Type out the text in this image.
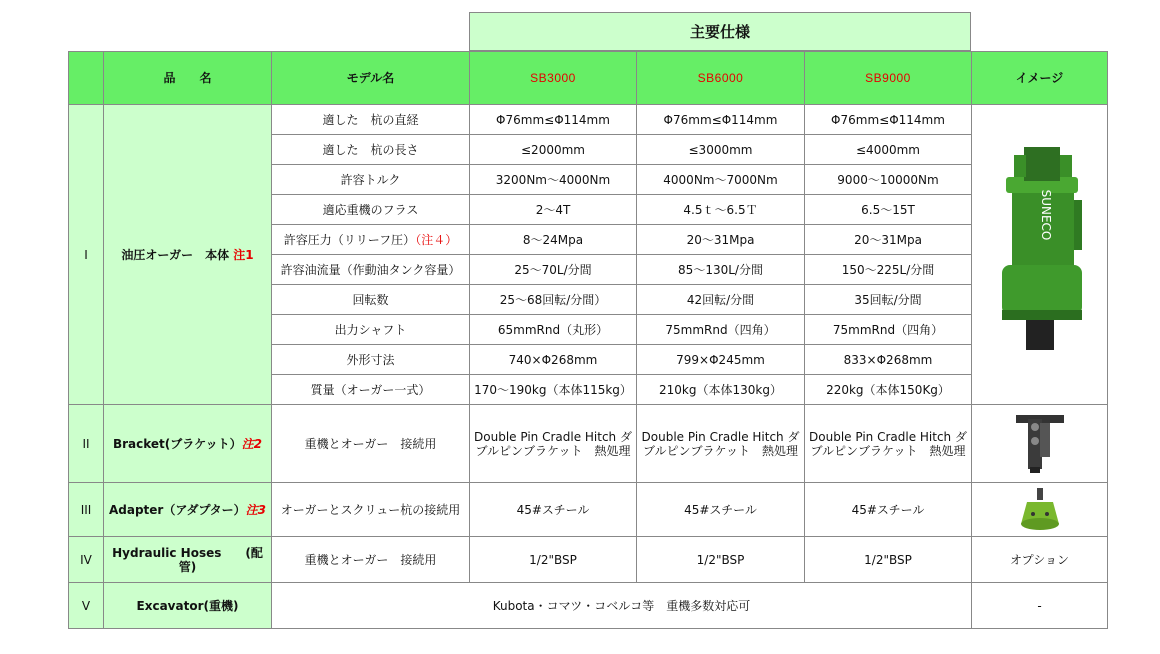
主要仕様
	品　　名	モデル名	SB3000	SB6000	SB9000	イメージ
I	油圧オーガー　本体 注1	適した　杭の直経	Φ76mm≤Φ114mm	Φ76mm≤Φ114mm	Φ76mm≤Φ114mm	SUNECO

		適した　杭の長さ	≤2000mm	≤3000mm	≤4000mm	
		許容トルク	3200Nm～4000Nm	4000Nm～7000Nm	9000～10000Nm	
		適応重機のフラス	2～4T	4.5ｔ～6.5Ｔ	6.5～15T	
		許容圧力（リリーフ圧）（注４）	8～24Mpa	20～31Mpa	20～31Mpa	
		許容油流量（作動油タンク容量）	25～70L/分間	85～130L/分間	150～225L/分間	
		回転数	25～68回転/分間）	42回転/分間	35回転/分間	
		出力シャフト	65mmRnd（丸形）	75mmRnd（四角）	75mmRnd（四角）	
		外形寸法	740×Φ268mm	799×Φ245mm	833×Φ268mm	
		質量（オーガー一式）	170～190kg（本体115kg）	210kg（本体130kg）	220kg（本体150Kg）	
II	Bracket(ブラケット）注2	重機とオーガー　接続用	Double Pin Cradle Hitch ダブルピンブラケット　熱処理	Double Pin Cradle Hitch ダブルピンブラケット　熱処理	Double Pin Cradle Hitch ダブルピンブラケット　熱処理	

III	Adapter（アダプター）注3	オーガーとスクリュー杭の接続用	45#スチール	45#スチール	45#スチール	

IV	Hydraulic Hoses　　(配管)	重機とオーガー　接続用	1/2"BSP	1/2"BSP	1/2"BSP	オプション
V	Excavator(重機)	Kubota・コマツ・コベルコ等　重機多数対応可				-
